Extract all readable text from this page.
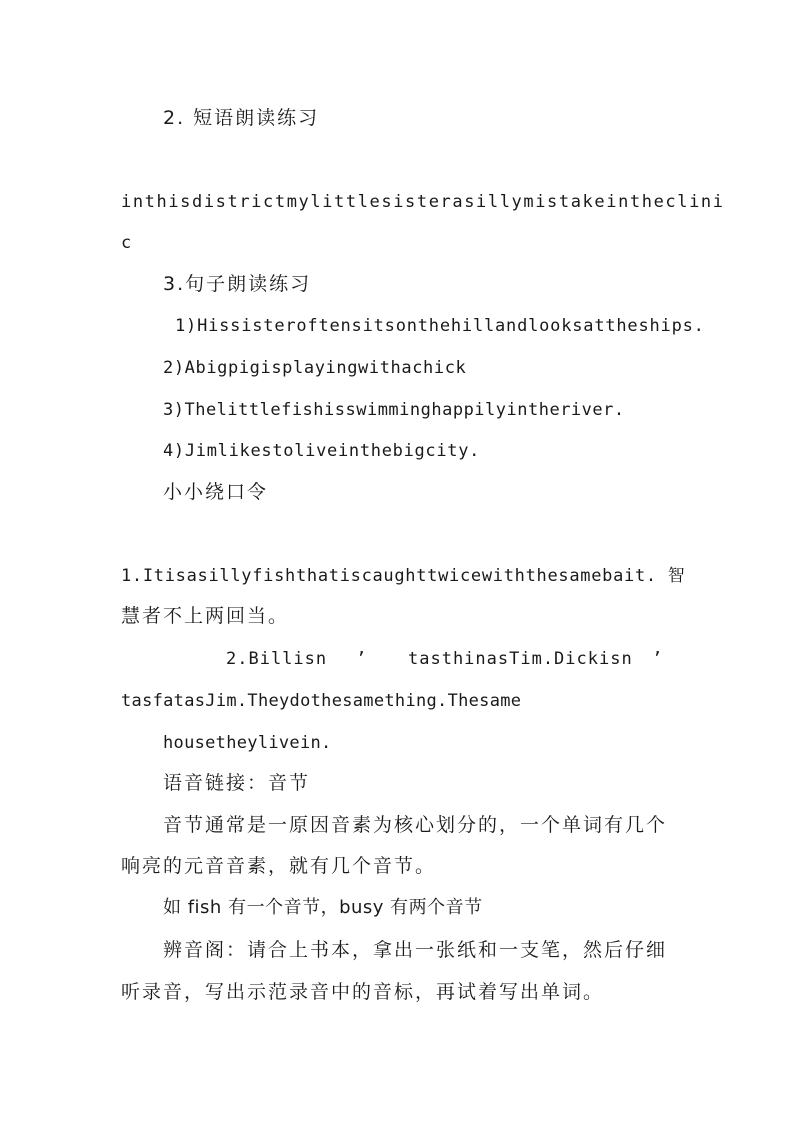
2. 短语朗读练习
inthisdistrictmylittlesisterasillymistakeintheclini
c
3.句子朗读练习
1)Hissisteroftensitsonthehillandlooksattheships.
2)Abigpigisplayingwithachick
3)Thelittlefishisswimminghappilyintheriver.
4)Jimlikestoliveinthebigcity.
小小绕口令
1.Itisasillyfishthatiscaughttwicewiththesamebait. 智
慧者不上两回当。
2.Billisn ’ tasthinasTim.Dickisn ’
tasfatasJim.Theydothesamething.Thesame
housetheylivein.
语音链接：音节
音节通常是一原因音素为核心划分的，一个单词有几个
响亮的元音音素，就有几个音节。
如 fish 有一个音节，busy 有两个音节
辨音阁：请合上书本，拿出一张纸和一支笔，然后仔细
听录音，写出示范录音中的音标，再试着写出单词。
